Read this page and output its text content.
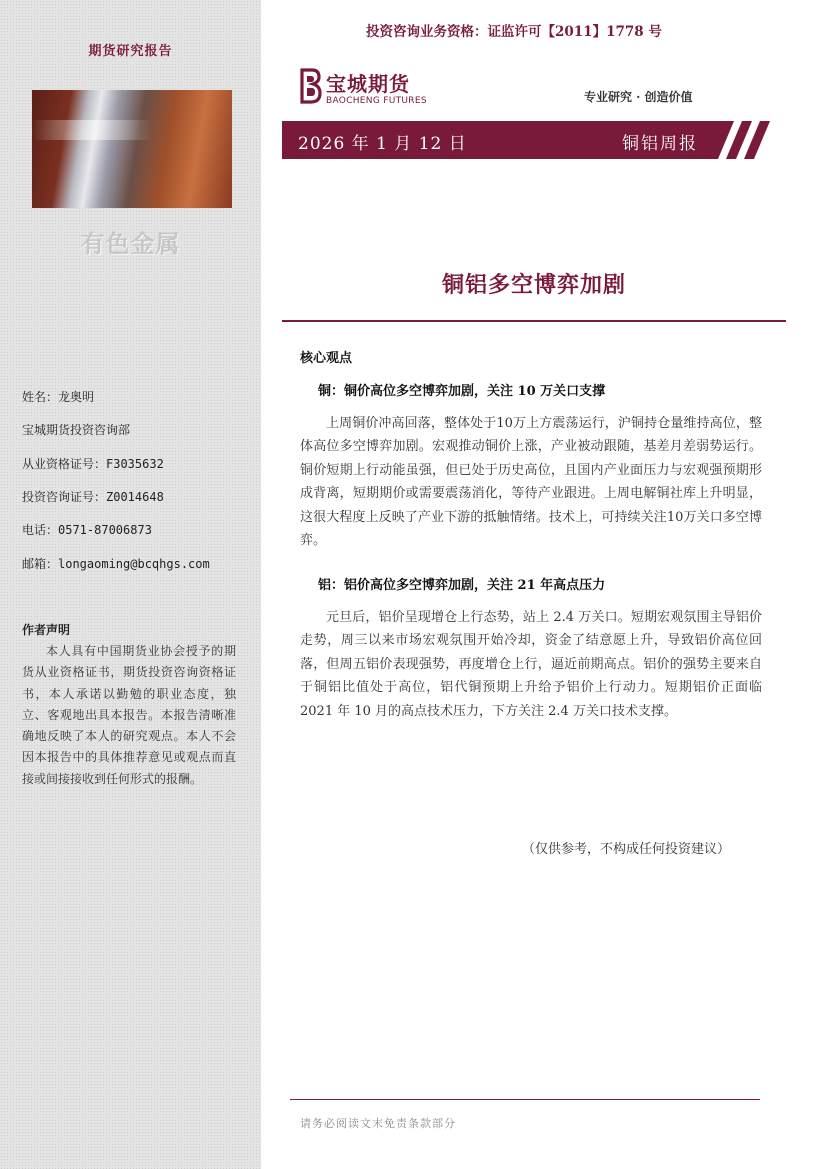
期货研究报告
有色金属
姓名：龙奥明
宝城期货投资咨询部
从业资格证号：F3035632
投资咨询证号：Z0014648
电话：0571-87006873
邮箱：longaoming@bcqhgs.com
作者声明
本人具有中国期货业协会授予的期货从业资格证书，期货投资咨询资格证书，本人承诺以勤勉的职业态度，独立、客观地出具本报告。本报告清晰准确地反映了本人的研究观点。本人不会因本报告中的具体推荐意见或观点而直接或间接接收到任何形式的报酬。
投资咨询业务资格：证监许可【2011】1778 号
宝城期货
BAOCHENG FUTURES	专业研究 · 创造价值
2026 年 1 月 12 日	铜铝周报
铜铝多空博弈加剧
核心观点
铜：铜价高位多空博弈加剧，关注 10 万关口支撑
上周铜价冲高回落，整体处于10万上方震荡运行，沪铜持仓量维持高位，整体高位多空博弈加剧。宏观推动铜价上涨，产业被动跟随，基差月差弱势运行。铜价短期上行动能虽强，但已处于历史高位，且国内产业面压力与宏观强预期形成背离，短期期价或需要震荡消化，等待产业跟进。上周电解铜社库上升明显，这很大程度上反映了产业下游的抵触情绪。技术上，可持续关注10万关口多空博弈。
铝：铝价高位多空博弈加剧，关注 21 年高点压力
元旦后，铝价呈现增仓上行态势，站上 2.4 万关口。短期宏观氛围主导铝价走势，周三以来市场宏观氛围开始冷却，资金了结意愿上升，导致铝价高位回落，但周五铝价表现强势，再度增仓上行，逼近前期高点。铝价的强势主要来自于铜铝比值处于高位，铝代铜预期上升给予铝价上行动力。短期铝价正面临 2021 年 10 月的高点技术压力，下方关注 2.4 万关口技术支撑。
（仅供参考，不构成任何投资建议）
请务必阅读文末免责条款部分
